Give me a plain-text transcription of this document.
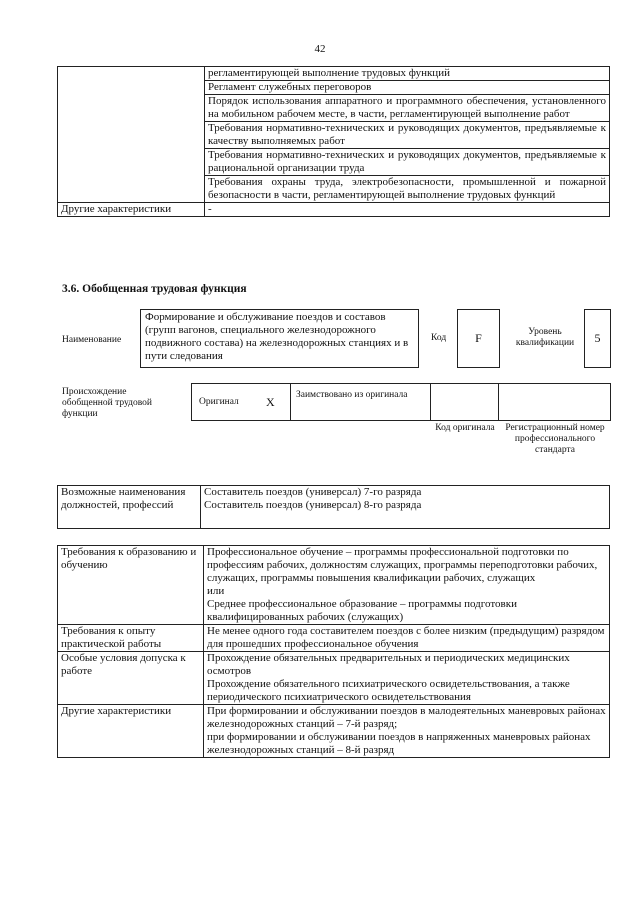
42
	регламентирующей выполнение трудовых функций
	Регламент служебных переговоров
	Порядок использования аппаратного и программного обеспечения, установленного на мобильном рабочем месте, в части, регламентирующей выполнение работ
	Требования нормативно-технических и руководящих документов, предъявляемые к качеству выполняемых работ
	Требования нормативно-технических и руководящих документов, предъявляемые к рациональной организации труда
	Требования охраны труда, электробезопасности, промышленной и пожарной безопасности в части, регламентирующей выполнение трудовых функций
Другие характеристики	-
3.6. Обобщенная трудовая функция
Наименование
Формирование и обслуживание поездов и составов (групп вагонов, специального железнодорожного подвижного состава) на железнодорожных станциях и в пути следования
Код	F	Уровень квалификации	5
Происхождение обобщенной трудовой функции
Оригинал X Заимствовано из оригинала
Код оригинала	Регистрационный номер профессионального стандарта
Возможные наименования должностей, профессий	
Составитель поездов (универсал) 7-го разряда
Составитель поездов (универсал) 8-го разряда
Требования к образованию и обучению	Профессиональное обучение – программы профессиональной подготовки по профессиям рабочих, должностям служащих, программы переподготовки рабочих, служащих, программы повышения квалификации рабочих, служащих
или
Среднее профессиональное образование – программы подготовки квалифицированных рабочих (служащих)

Требования к опыту практической работы	Не менее одного года составителем поездов с более низким (предыдущим) разрядом для прошедших профессиональное обучения

Особые условия допуска к работе	Прохождение обязательных предварительных и периодических медицинских осмотров
Прохождение обязательного психиатрического освидетельствования, а также периодического психиатрического освидетельствования

Другие характеристики	При формировании и обслуживании поездов в малодеятельных маневровых районах железнодорожных станций – 7-й разряд;
при формировании и обслуживании поездов в напряженных маневровых районах железнодорожных станций – 8-й разряд
